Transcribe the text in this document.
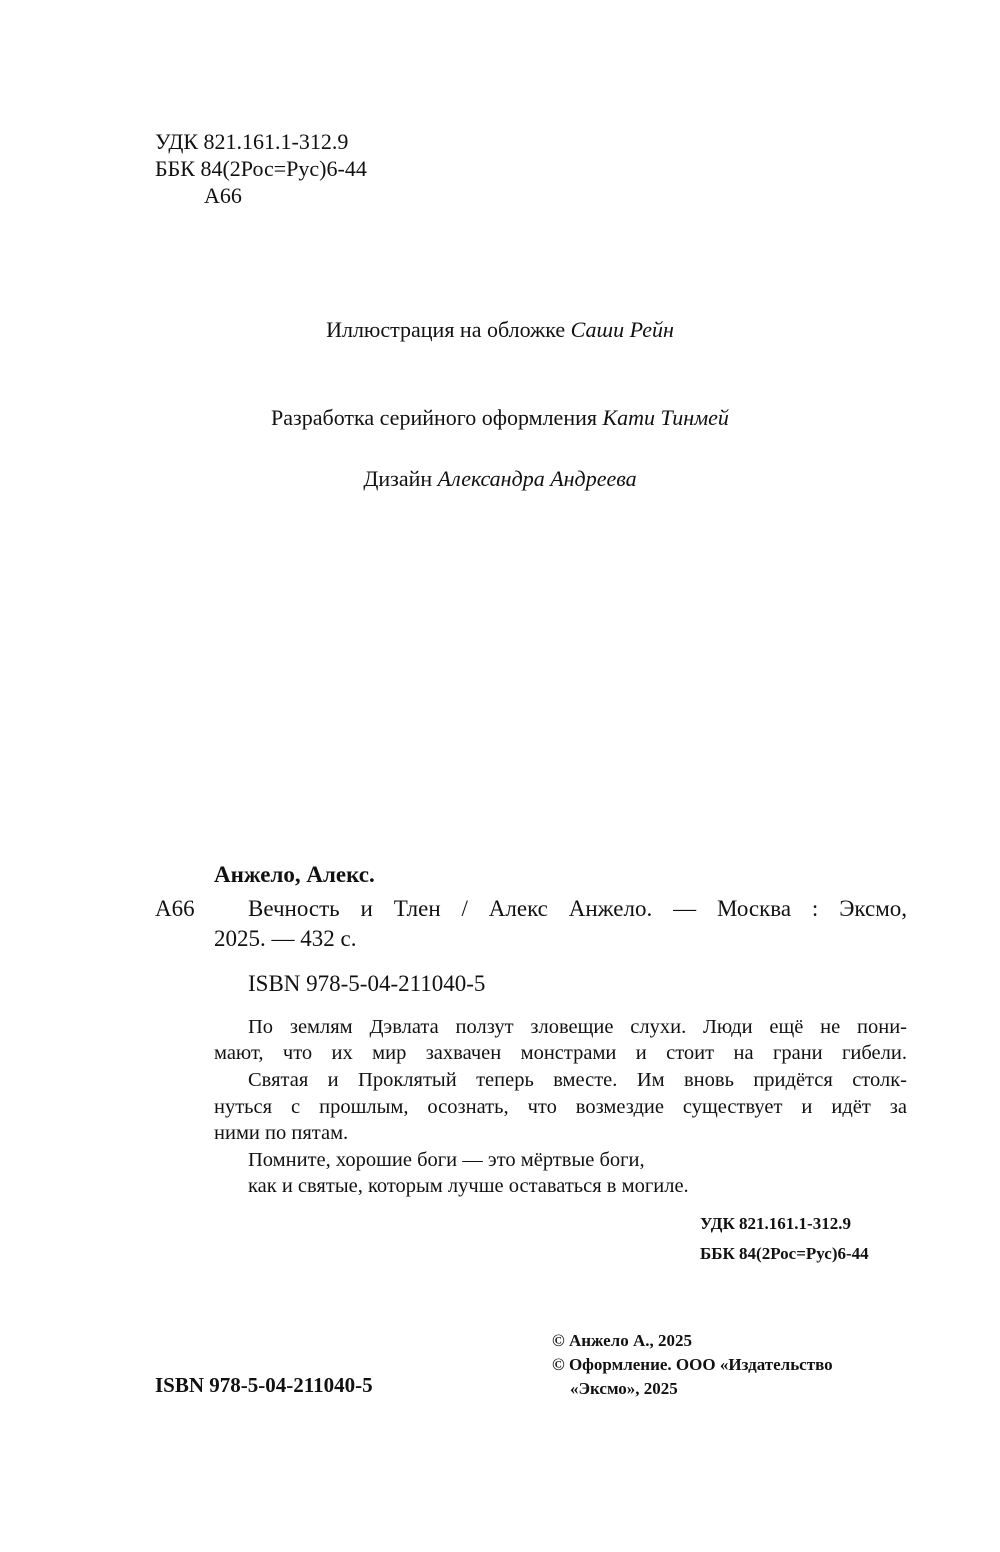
УДК 821.161.1-312.9
ББК 84(2Рос=Рус)6-44
А66
Иллюстрация на обложке Саши Рейн
Разработка серийного оформления Кати Тинмей
Дизайн Александра Андреева
Анжело, Алекс.
А66 Вечность и Тлен / Алекс Анжело. — Москва : Эксмо,
2025. — 432 с.
ISBN 978-5-04-211040-5
По землям Дэвлата ползут зловещие слухи. Люди ещё не пони-
мают, что их мир захвачен монстрами и стоит на грани гибели.
Святая и Проклятый теперь вместе. Им вновь придётся столк-
нуться с прошлым, осознать, что возмездие существует и идёт за
ними по пятам.
Помните, хорошие боги — это мёртвые боги,
как и святые, которым лучше оставаться в могиле.
УДК 821.161.1-312.9
ББК 84(2Рос=Рус)6-44
ISBN 978-5-04-211040-5
© Анжело А., 2025
© Оформление. ООО «Издательство
«Эксмо», 2025
